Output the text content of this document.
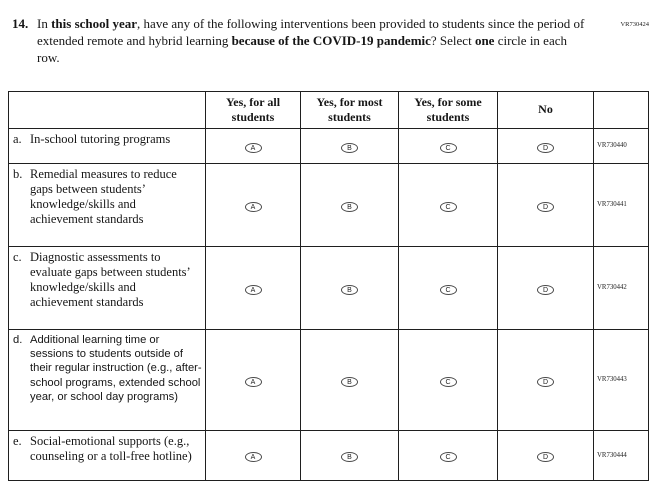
VR730424
14. In this school year, have any of the following interventions been provided to students since the period of extended remote and hybrid learning because of the COVID-19 pandemic? Select one circle in each row.
	Yes, for all students	Yes, for most students	Yes, for some students	No	

a. In-school tutoring programs	A	B	C	D	VR730440

b. Remedial measures to reduce gaps between students’ knowledge/skills and achievement standards	A	B	C	D	VR730441

c. Diagnostic assessments to evaluate gaps between students’ knowledge/skills and achievement standards	A	B	C	D	VR730442

d. Additional learning time or sessions to students outside of their regular instruction (e.g., after-school programs, extended school year, or school day programs)	A	B	C	D	VR730443

e. Social-emotional supports (e.g., counseling or a toll-free hotline)	A	B	C	D	VR730444
